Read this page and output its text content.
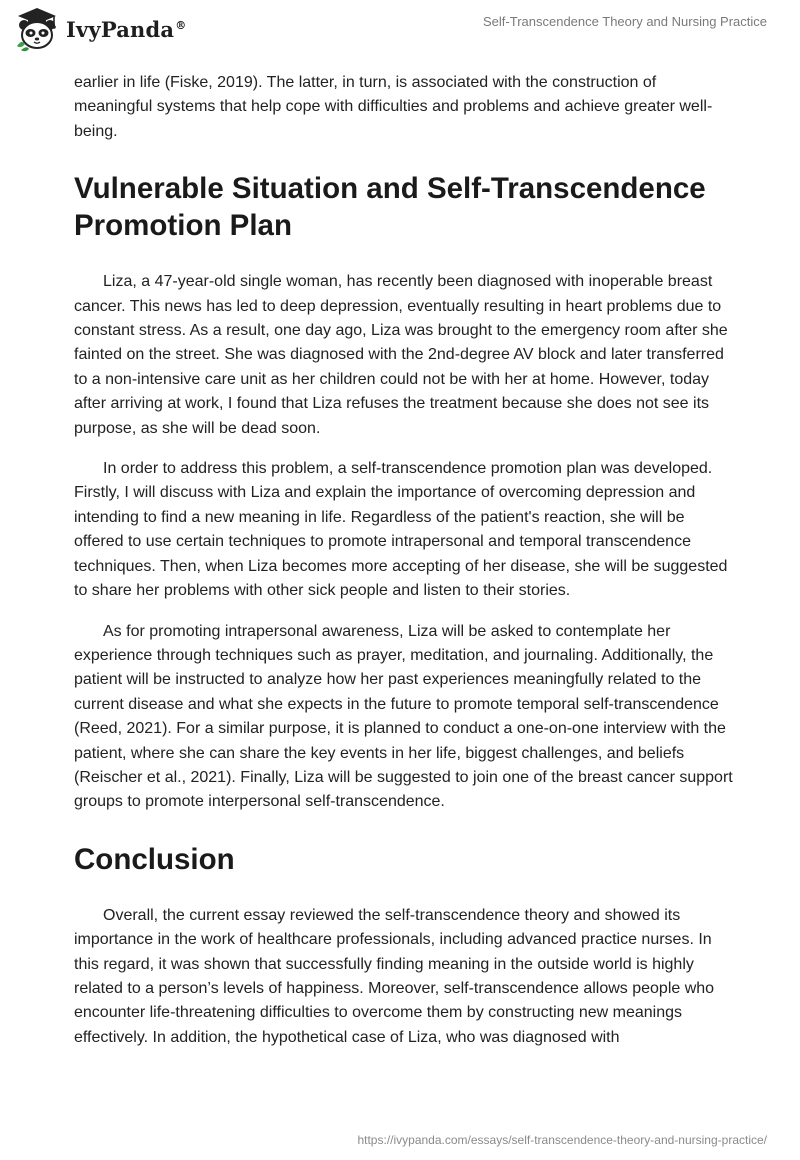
IvyPanda®	Self-Transcendence Theory and Nursing Practice

earlier in life (Fiske, 2019). The latter, in turn, is associated with the construction of meaningful systems that help cope with difficulties and problems and achieve greater well-being.

Vulnerable Situation and Self-Transcendence Promotion Plan

Liza, a 47-year-old single woman, has recently been diagnosed with inoperable breast cancer. This news has led to deep depression, eventually resulting in heart problems due to constant stress. As a result, one day ago, Liza was brought to the emergency room after she fainted on the street. She was diagnosed with the 2nd-degree AV block and later transferred to a non-intensive care unit as her children could not be with her at home. However, today after arriving at work, I found that Liza refuses the treatment because she does not see its purpose, as she will be dead soon.

In order to address this problem, a self-transcendence promotion plan was developed. Firstly, I will discuss with Liza and explain the importance of overcoming depression and intending to find a new meaning in life. Regardless of the patient's reaction, she will be offered to use certain techniques to promote intrapersonal and temporal transcendence techniques. Then, when Liza becomes more accepting of her disease, she will be suggested to share her problems with other sick people and listen to their stories.

As for promoting intrapersonal awareness, Liza will be asked to contemplate her experience through techniques such as prayer, meditation, and journaling. Additionally, the patient will be instructed to analyze how her past experiences meaningfully related to the current disease and what she expects in the future to promote temporal self-transcendence (Reed, 2021). For a similar purpose, it is planned to conduct a one-on-one interview with the patient, where she can share the key events in her life, biggest challenges, and beliefs (Reischer et al., 2021). Finally, Liza will be suggested to join one of the breast cancer support groups to promote interpersonal self-transcendence.

Conclusion

Overall, the current essay reviewed the self-transcendence theory and showed its importance in the work of healthcare professionals, including advanced practice nurses. In this regard, it was shown that successfully finding meaning in the outside world is highly related to a person’s levels of happiness. Moreover, self-transcendence allows people who encounter life-threatening difficulties to overcome them by constructing new meanings effectively. In addition, the hypothetical case of Liza, who was diagnosed with

https://ivypanda.com/essays/self-transcendence-theory-and-nursing-practice/
